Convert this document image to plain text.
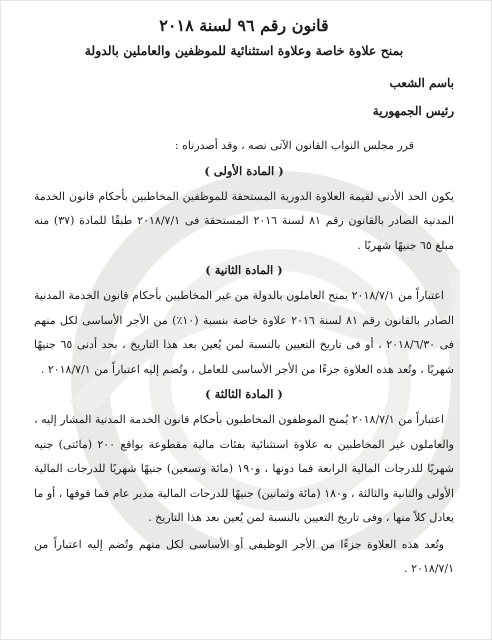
قانون رقم ٩٦ لسنة ٢٠١٨
بمنح علاوة خاصة وعلاوة استثنائية للموظفين والعاملين بالدولة
باسم الشعب
رئيس الجمهورية

قرر مجلس النواب القانون الآتى نصه ، وقد أصدرناه :

( المادة الأولى )

يكون الحد الأدنى لقيمة العلاوة الدورية المستحقة للموظفين المخاطبين بأحكام قانون الخدمة المدنية الصادر بالقانون رقم ٨١ لسنة ٢٠١٦ المستحقة فى ٢٠١٨/٧/١ طبقًا للمادة (٣٧) منه مبلغ ٦٥ جنيهًا شهريًا .

( المادة الثانية )

اعتباراً من ٢٠١٨/٧/١ يمنح العاملون بالدولة من غير المخاطبين بأحكام قانون الخدمة المدنية الصادر بالقانون رقم ٨١ لسنة ٢٠١٦ علاوة خاصة بنسبة (١٠٪) من الأجر الأساسى لكل منهم فى ٢٠١٨/٦/٣٠ ، أو فى تاريخ التعيين بالنسبة لمن يُعين بعد هذا التاريخ ، بحد أدنى ٦٥ جنيهًا شهريًا ، وتُعد هذه العلاوة جزءًا من الأجر الأساسى للعامل ، وتُضم إليه اعتباراً من ٢٠١٨/٧/١ .

( المادة الثالثة )

اعتباراً من ٢٠١٨/٧/١ يُمنح الموظفون المخاطبون بأحكام قانون الخدمة المدنية المشار إليه ، والعاملون غير المخاطبين به علاوة استثنائية بفئات مالية مقطوعة بواقع ٢٠٠ (مائتى) جنيه شهريًا للدرجات المالية الرابعة فما دونها ، و١٩٠ (مائة وتسعين) جنيهًا شهريًا للدرجات المالية الأولى والثانية والثالثة ، و١٨٠ (مائة وثمانين) جنيهًا للدرجات المالية مدير عام فما فوقها ، أو ما يعادل كلاً منها ، وفى تاريخ التعيين بالنسبة لمن يُعين بعد هذا التاريخ .

وتُعد هذه العلاوة جزءًا من الأجر الوظيفى أو الأساسى لكل منهم وتُضم إليه اعتباراً من ٢٠١٨/٧/١ .
